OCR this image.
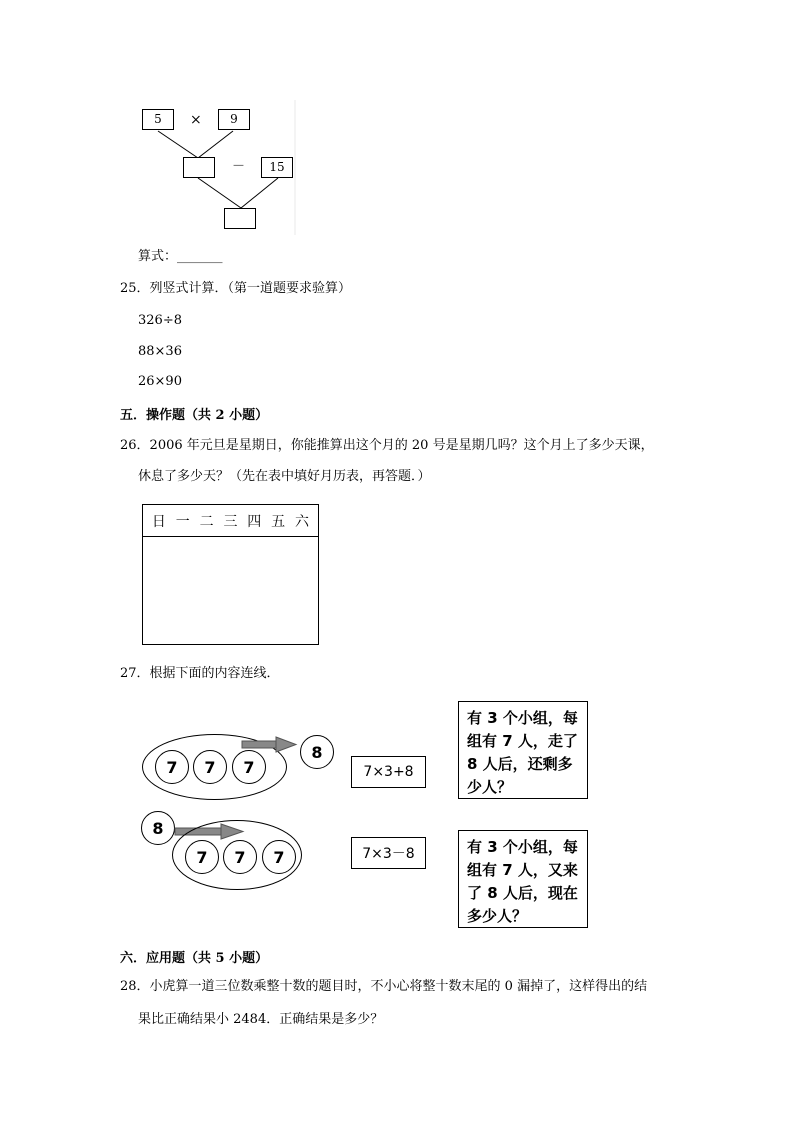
5	×	9
－	15
算式：_______
25．列竖式计算．（第一道题要求验算）
326÷8
88×36
26×90
五．操作题（共 2 小题）
26．2006 年元旦是星期日，你能推算出这个月的 20 号是星期几吗？这个月上了多少天课，
休息了多少天？（先在表中填好月历表，再答题．）
日 一 二 三 四 五 六
27．根据下面的内容连线．
7	7	7
8
8
7	7	7
7×3+8
7×3－8
有 3 个小组，每
组有 7 人，走了
8 人后，还剩多
少人？
有 3 个小组，每
组有 7 人，又来
了 8 人后，现在
多少人？
六．应用题（共 5 小题）
28．小虎算一道三位数乘整十数的题目时，不小心将整十数末尾的 0 漏掉了，这样得出的结
果比正确结果小 2484．正确结果是多少？
